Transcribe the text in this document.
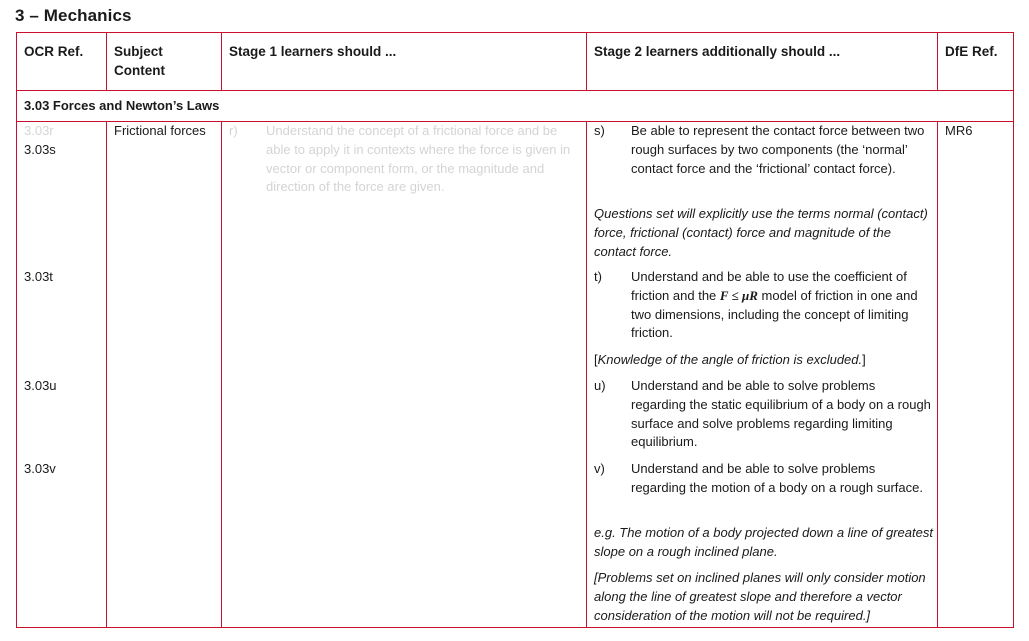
3 – Mechanics
3.03 Forces and Newton’s Laws
OCR Ref. Subject Content
Stage 1 learners should ...	Stage 2 learners additionally should ...	DfE Ref.
3.03r
3.03s
3.03t
3.03u
3.03v
Frictional forces r) Understand the concept of a frictional force and be able to apply it in contexts where the force is given in vector or component form, or the magnitude and direction of the force are given.
s) Be able to represent the contact force between two rough surfaces by two components (the ‘normal’ contact force and the ‘frictional’ contact force).
Questions set will explicitly use the terms normal (contact) force, frictional (contact) force and magnitude of the contact force.
t) Understand and be able to use the coefficient of friction and the F ≤ μR model of friction in one and two dimensions, including the concept of limiting friction.
[Knowledge of the angle of friction is excluded.]
u) Understand and be able to solve problems regarding the static equilibrium of a body on a rough surface and solve problems regarding limiting equilibrium.
v) Understand and be able to solve problems regarding the motion of a body on a rough surface.
e.g. The motion of a body projected down a line of greatest slope on a rough inclined plane.
[Problems set on inclined planes will only consider motion along the line of greatest slope and therefore a vector consideration of the motion will not be required.]
MR6
